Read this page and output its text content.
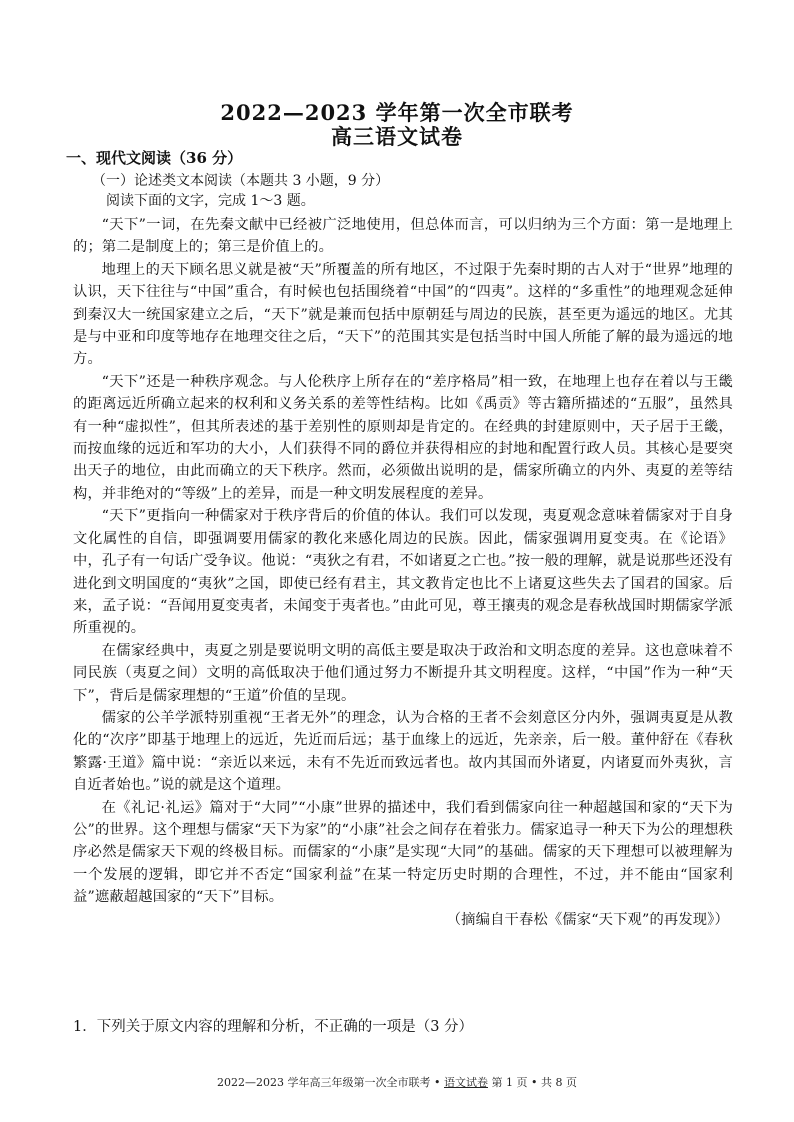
2022—2023 学年第一次全市联考
高三语文试卷
一、现代文阅读（36 分）
（一）论述类文本阅读（本题共 3 小题，9 分）
阅读下面的文字，完成 1～3 题。

“天下”一词，在先秦文献中已经被广泛地使用，但总体而言，可以归纳为三个方面：第一是地理上的；第二是制度上的；第三是价值上的。

地理上的天下顾名思义就是被“天”所覆盖的所有地区，不过限于先秦时期的古人对于“世界”地理的认识，天下往往与“中国”重合，有时候也包括围绕着“中国”的“四夷”。这样的“多重性”的地理观念延伸到秦汉大一统国家建立之后，“天下”就是兼而包括中原朝廷与周边的民族，甚至更为遥远的地区。尤其是与中亚和印度等地存在地理交往之后，“天下”的范围其实是包括当时中国人所能了解的最为遥远的地方。

“天下”还是一种秩序观念。与人伦秩序上所存在的“差序格局”相一致，在地理上也存在着以与王畿的距离远近所确立起来的权利和义务关系的差等性结构。比如《禹贡》等古籍所描述的“五服”，虽然具有一种“虚拟性”，但其所表述的基于差别性的原则却是肯定的。在经典的封建原则中，天子居于王畿，而按血缘的远近和军功的大小，人们获得不同的爵位并获得相应的封地和配置行政人员。其核心是要突出天子的地位，由此而确立的天下秩序。然而，必须做出说明的是，儒家所确立的内外、夷夏的差等结构，并非绝对的“等级”上的差异，而是一种文明发展程度的差异。

“天下”更指向一种儒家对于秩序背后的价值的体认。我们可以发现，夷夏观念意味着儒家对于自身文化属性的自信，即强调要用儒家的教化来感化周边的民族。因此，儒家强调用夏变夷。在《论语》中，孔子有一句话广受争议。他说：“夷狄之有君，不如诸夏之亡也。”按一般的理解，就是说那些还没有进化到文明国度的“夷狄”之国，即使已经有君主，其文教肯定也比不上诸夏这些失去了国君的国家。后来，孟子说：“吾闻用夏变夷者，未闻变于夷者也。”由此可见，尊王攘夷的观念是春秋战国时期儒家学派所重视的。

在儒家经典中，夷夏之别是要说明文明的高低主要是取决于政治和文明态度的差异。这也意味着不同民族（夷夏之间）文明的高低取决于他们通过努力不断提升其文明程度。这样，“中国”作为一种“天下”，背后是儒家理想的“王道”价值的呈现。

儒家的公羊学派特别重视“王者无外”的理念，认为合格的王者不会刻意区分内外，强调夷夏是从教化的“次序”即基于地理上的远近，先近而后远；基于血缘上的远近，先亲亲，后一般。董仲舒在《春秋繁露·王道》篇中说：“亲近以来远，未有不先近而致远者也。故内其国而外诸夏，内诸夏而外夷狄，言自近者始也。”说的就是这个道理。

在《礼记·礼运》篇对于“大同”“小康”世界的描述中，我们看到儒家向往一种超越国和家的“天下为公”的世界。这个理想与儒家“天下为家”的“小康”社会之间存在着张力。儒家追寻一种天下为公的理想秩序必然是儒家天下观的终极目标。而儒家的“小康”是实现“大同”的基础。儒家的天下理想可以被理解为一个发展的逻辑，即它并不否定“国家利益”在某一特定历史时期的合理性，不过，并不能由“国家利益”遮蔽超越国家的“天下”目标。

（摘编自干春松《儒家“天下观”的再发现》）

1．下列关于原文内容的理解和分析，不正确的一项是（3 分）
2022—2023 学年高三年级第一次全市联考 • 语文试卷 第 1 页 • 共 8 页
